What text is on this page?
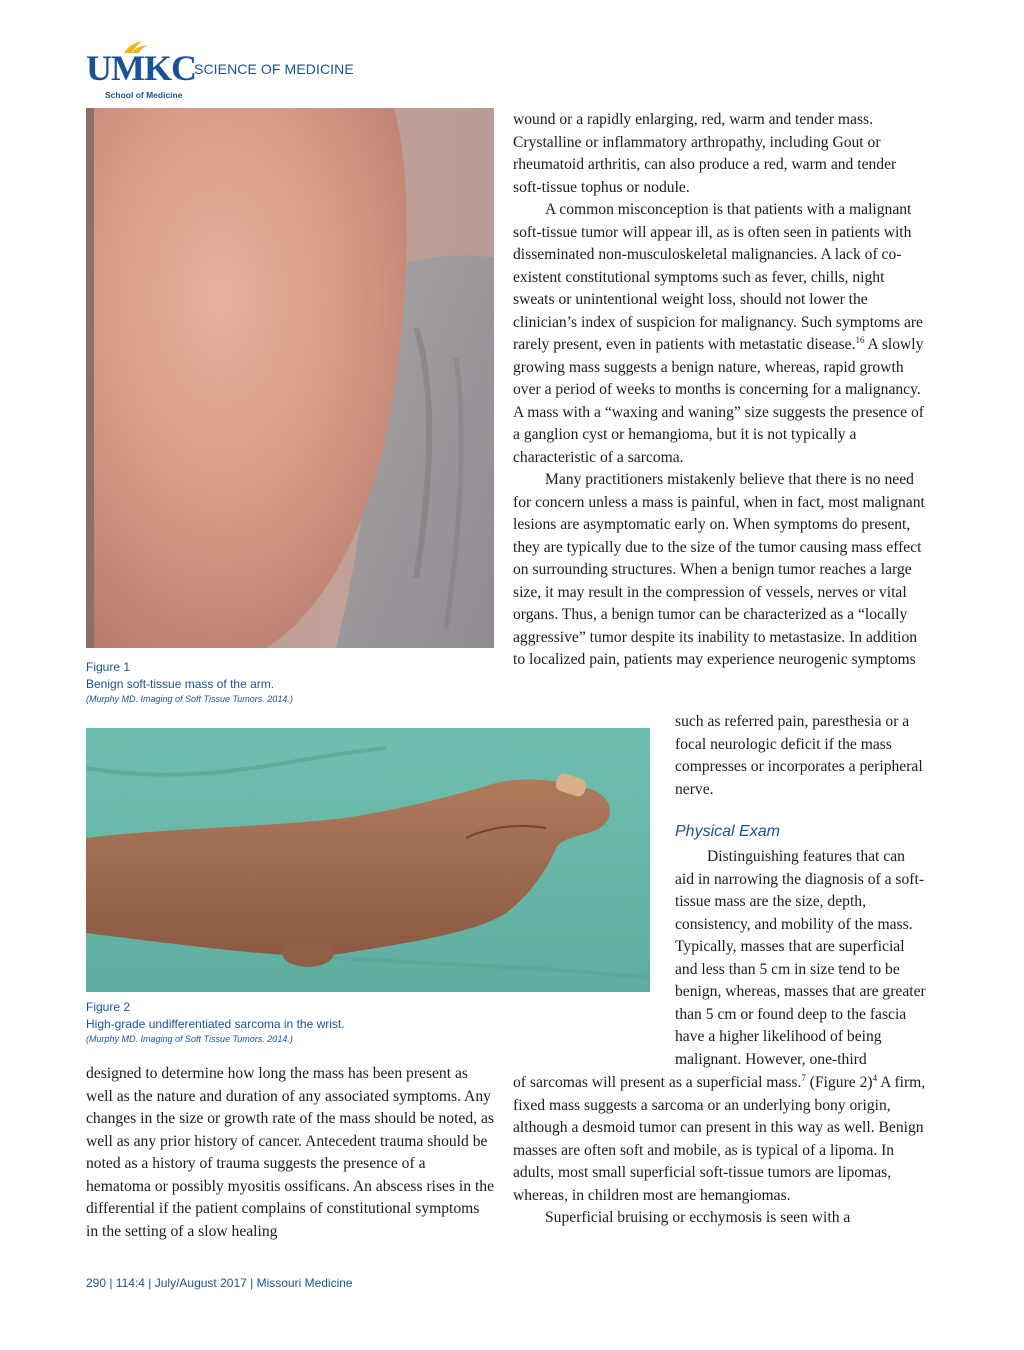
UMKC
School of Medicine
SCIENCE OF MEDICINE
Figure 1
Benign soft-tissue mass of the arm.
(Murphy MD. Imaging of Soft Tissue Tumors. 2014.)
Figure 2
High-grade undifferentiated sarcoma in the wrist.
(Murphy MD. Imaging of Soft Tissue Tumors. 2014.)

wound or a rapidly enlarging, red, warm and tender mass. Crystalline or inflammatory arthropathy, including Gout or rheumatoid arthritis, can also produce a red, warm and tender soft-tissue tophus or nodule.

A common misconception is that patients with a malignant soft-tissue tumor will appear ill, as is often seen in patients with disseminated non-musculoskeletal malignancies. A lack of co-existent constitutional symptoms such as fever, chills, night sweats or unintentional weight loss, should not lower the clinician’s index of suspicion for malignancy. Such symptoms are rarely present, even in patients with metastatic disease.$^{16}$ A slowly growing mass suggests a benign nature, whereas, rapid growth over a period of weeks to months is concerning for a malignancy. A mass with a “waxing and waning” size suggests the presence of a ganglion cyst or hemangioma, but it is not typically a characteristic of a sarcoma.

Many practitioners mistakenly believe that there is no need for concern unless a mass is painful, when in fact, most malignant lesions are asymptomatic early on. When symptoms do present, they are typically due to the size of the tumor causing mass effect on surrounding structures. When a benign tumor reaches a large size, it may result in the compression of vessels, nerves or vital organs. Thus, a benign tumor can be characterized as a “locally aggressive” tumor despite its inability to metastasize. In addition to localized pain, patients may experience neurogenic symptoms

such as referred pain, paresthesia or a focal neurologic deficit if the mass compresses or incorporates a peripheral nerve.

Physical Exam

Distinguishing features that can aid in narrowing the diagnosis of a soft-tissue mass are the size, depth, consistency, and mobility of the mass. Typically, masses that are superficial and less than 5 cm in size tend to be benign, whereas, masses that are greater than 5 cm or found deep to the fascia have a higher likelihood of being malignant. However, one-third

of sarcomas will present as a superficial mass.$^7$ (Figure 2)$^4$ A firm, fixed mass suggests a sarcoma or an underlying bony origin, although a desmoid tumor can present in this way as well. Benign masses are often soft and mobile, as is typical of a lipoma. In adults, most small superficial soft-tissue tumors are lipomas, whereas, in children most are hemangiomas.

Superficial bruising or ecchymosis is seen with a

designed to determine how long the mass has been present as well as the nature and duration of any associated symptoms. Any changes in the size or growth rate of the mass should be noted, as well as any prior history of cancer. Antecedent trauma should be noted as a history of trauma suggests the presence of a hematoma or possibly myositis ossificans. An abscess rises in the differential if the patient complains of constitutional symptoms in the setting of a slow healing

290 | 114:4 | July/August 2017 | Missouri Medicine
